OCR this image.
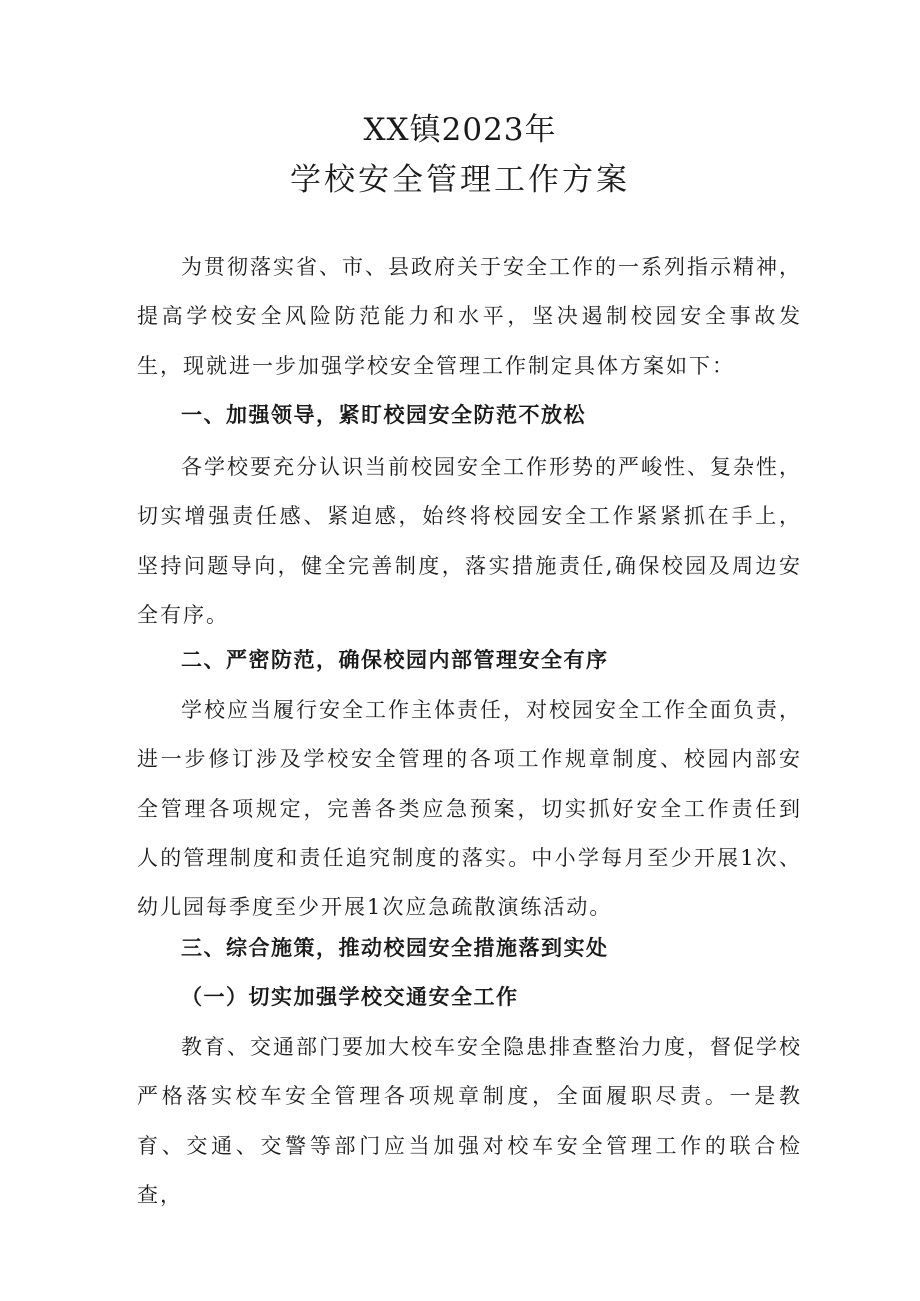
XX镇2023年
学校安全管理工作方案

为贯彻落实省、市、县政府关于安全工作的一系列指示精神，提高学校安全风险防范能力和水平，坚决遏制校园安全事故发生，现就进一步加强学校安全管理工作制定具体方案如下：

一、加强领导，紧盯校园安全防范不放松

各学校要充分认识当前校园安全工作形势的严峻性、复杂性，切实增强责任感、紧迫感，始终将校园安全工作紧紧抓在手上，坚持问题导向，健全完善制度，落实措施责任,确保校园及周边安全有序。

二、严密防范，确保校园内部管理安全有序

学校应当履行安全工作主体责任，对校园安全工作全面负责，进一步修订涉及学校安全管理的各项工作规章制度、校园内部安全管理各项规定，完善各类应急预案，切实抓好安全工作责任到人的管理制度和责任追究制度的落实。中小学每月至少开展1次、幼儿园每季度至少开展1次应急疏散演练活动。

三、综合施策，推动校园安全措施落到实处

（一）切实加强学校交通安全工作

教育、交通部门要加大校车安全隐患排查整治力度，督促学校严格落实校车安全管理各项规章制度，全面履职尽责。一是教育、交通、交警等部门应当加强对校车安全管理工作的联合检查，
